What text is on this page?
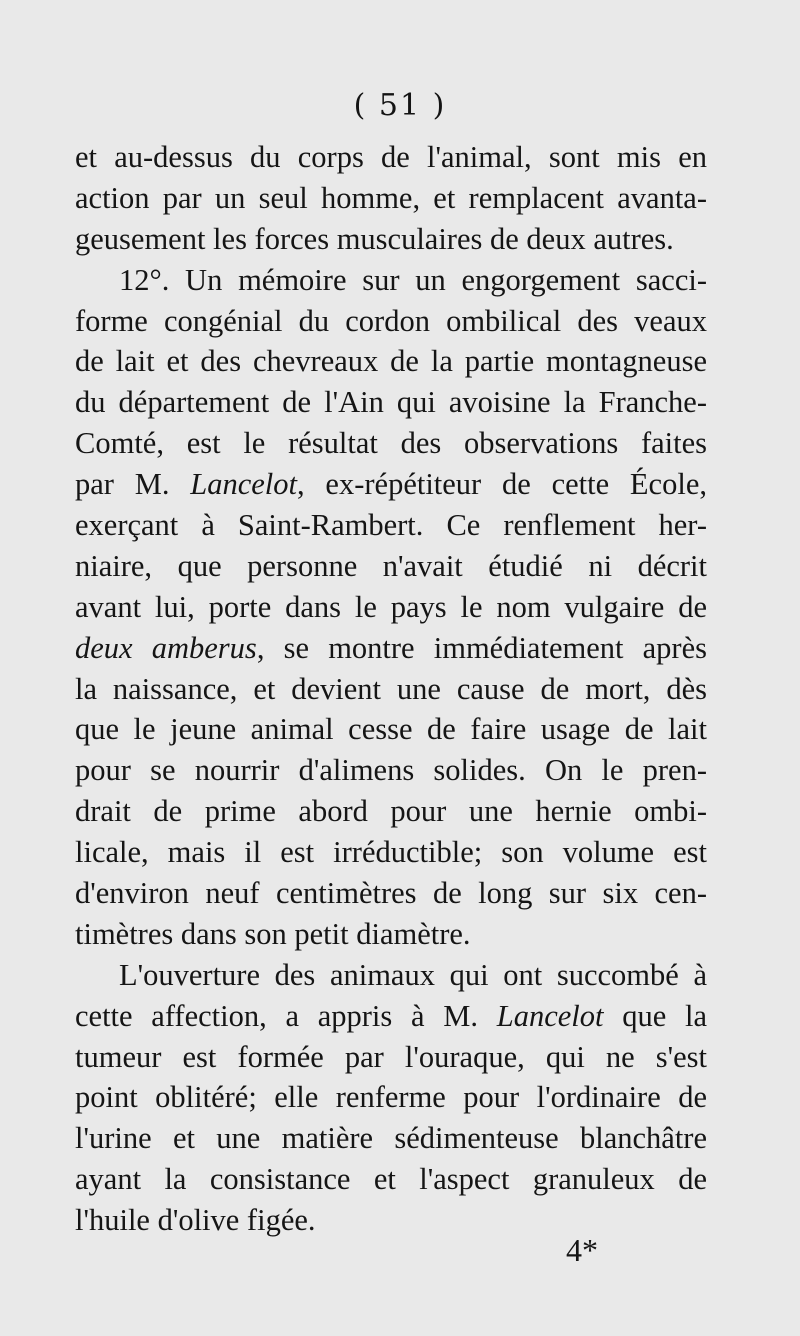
( 51 )
et au-dessus du corps de l'animal, sont mis en
action par un seul homme, et remplacent avanta-
geusement les forces musculaires de deux autres.
12°. Un mémoire sur un engorgement sacci-
forme congénial du cordon ombilical des veaux
de lait et des chevreaux de la partie montagneuse
du département de l'Ain qui avoisine la Franche-
Comté, est le résultat des observations faites
par M. Lancelot, ex-répétiteur de cette École,
exerçant à Saint-Rambert. Ce renflement her-
niaire, que personne n'avait étudié ni décrit
avant lui, porte dans le pays le nom vulgaire de
deux amberus, se montre immédiatement après
la naissance, et devient une cause de mort, dès
que le jeune animal cesse de faire usage de lait
pour se nourrir d'alimens solides. On le pren-
drait de prime abord pour une hernie ombi-
licale, mais il est irréductible; son volume est
d'environ neuf centimètres de long sur six cen-
timètres dans son petit diamètre.
L'ouverture des animaux qui ont succombé à
cette affection, a appris à M. Lancelot que la
tumeur est formée par l'ouraque, qui ne s'est
point oblitéré; elle renferme pour l'ordinaire de
l'urine et une matière sédimenteuse blanchâtre
ayant la consistance et l'aspect granuleux de
l'huile d'olive figée.
4*
